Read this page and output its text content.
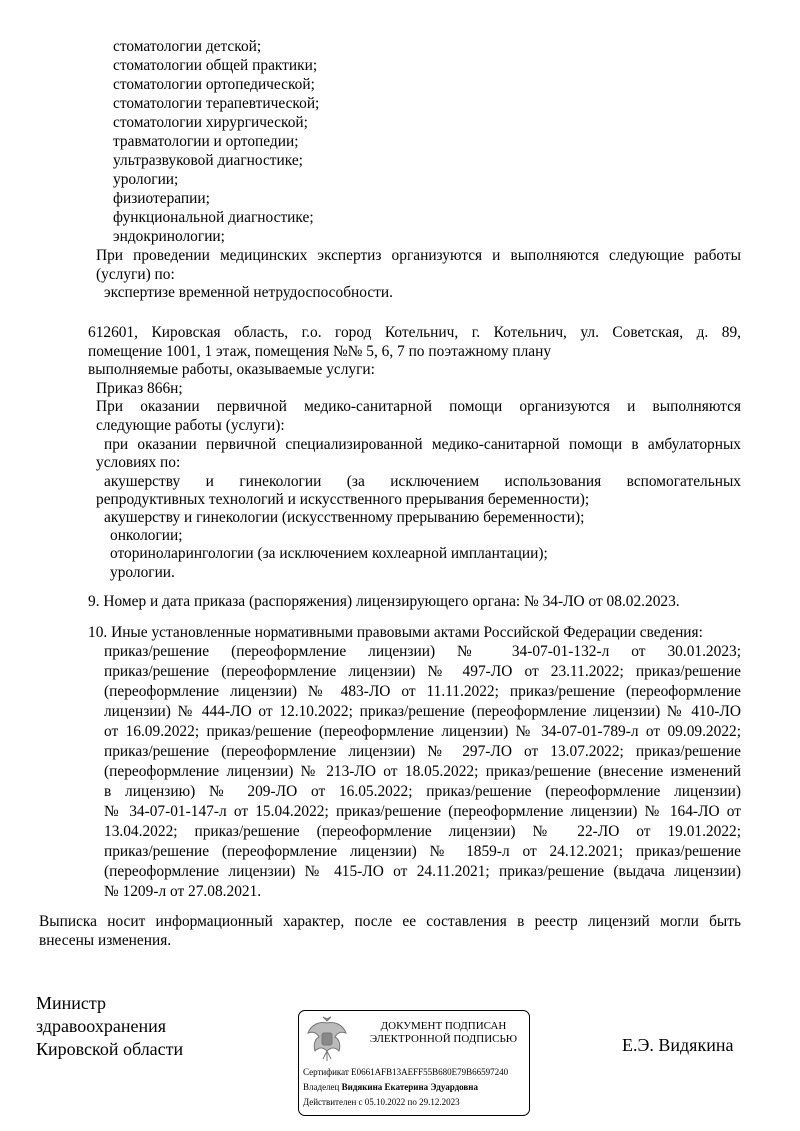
стоматологии детской;
стоматологии общей практики;
стоматологии ортопедической;
стоматологии терапевтической;
стоматологии хирургической;
травматологии и ортопедии;
ультразвуковой диагностике;
урологии;
физиотерапии;
функциональной диагностике;
эндокринологии;
При проведении медицинских экспертиз организуются и выполняются следующие работы
(услуги) по:
экспертизе временной нетрудоспособности.
612601, Кировская область, г.о. город Котельнич, г. Котельнич, ул. Советская, д. 89,
помещение 1001, 1 этаж, помещения №№ 5, 6, 7 по поэтажному плану
выполняемые работы, оказываемые услуги:
Приказ 866н;
При оказании первичной медико-санитарной помощи организуются и выполняются
следующие работы (услуги):
при оказании первичной специализированной медико-санитарной помощи в амбулаторных
условиях по:
акушерству и гинекологии (за исключением использования вспомогательных
репродуктивных технологий и искусственного прерывания беременности);
акушерству и гинекологии (искусственному прерыванию беременности);
онкологии;
оториноларингологии (за исключением кохлеарной имплантации);
урологии.
9. Номер и дата приказа (распоряжения) лицензирующего органа: № 34-ЛО от 08.02.2023.
10. Иные установленные нормативными правовыми актами Российской Федерации сведения:
приказ/решение (переоформление лицензии) № 34-07-01-132-л от 30.01.2023;
приказ/решение (переоформление лицензии) № 497-ЛО от 23.11.2022; приказ/решение
(переоформление лицензии) № 483-ЛО от 11.11.2022; приказ/решение (переоформление
лицензии) № 444-ЛО от 12.10.2022; приказ/решение (переоформление лицензии) № 410-ЛО
от 16.09.2022; приказ/решение (переоформление лицензии) № 34-07-01-789-л от 09.09.2022;
приказ/решение (переоформление лицензии) № 297-ЛО от 13.07.2022; приказ/решение
(переоформление лицензии) № 213-ЛО от 18.05.2022; приказ/решение (внесение изменений
в лицензию) № 209-ЛО от 16.05.2022; приказ/решение (переоформление лицензии)
№ 34-07-01-147-л от 15.04.2022; приказ/решение (переоформление лицензии) № 164-ЛО от
13.04.2022; приказ/решение (переоформление лицензии) № 22-ЛО от 19.01.2022;
приказ/решение (переоформление лицензии) № 1859-л от 24.12.2021; приказ/решение
(переоформление лицензии) № 415-ЛО от 24.11.2021; приказ/решение (выдача лицензии)
№ 1209-л от 27.08.2021.
Выписка носит информационный характер, после ее составления в реестр лицензий могли быть
внесены изменения.
Министр
здравоохранения
Кировской области	Е.Э. Видякина
ДОКУМЕНТ ПОДПИСАН
ЭЛЕКТРОННОЙ ПОДПИСЬЮ
Сертификат E0661AFB13AEFF55B680E79B66597240
Владелец Видякина Екатерина Эдуардовна
Действителен с 05.10.2022 по 29.12.2023
